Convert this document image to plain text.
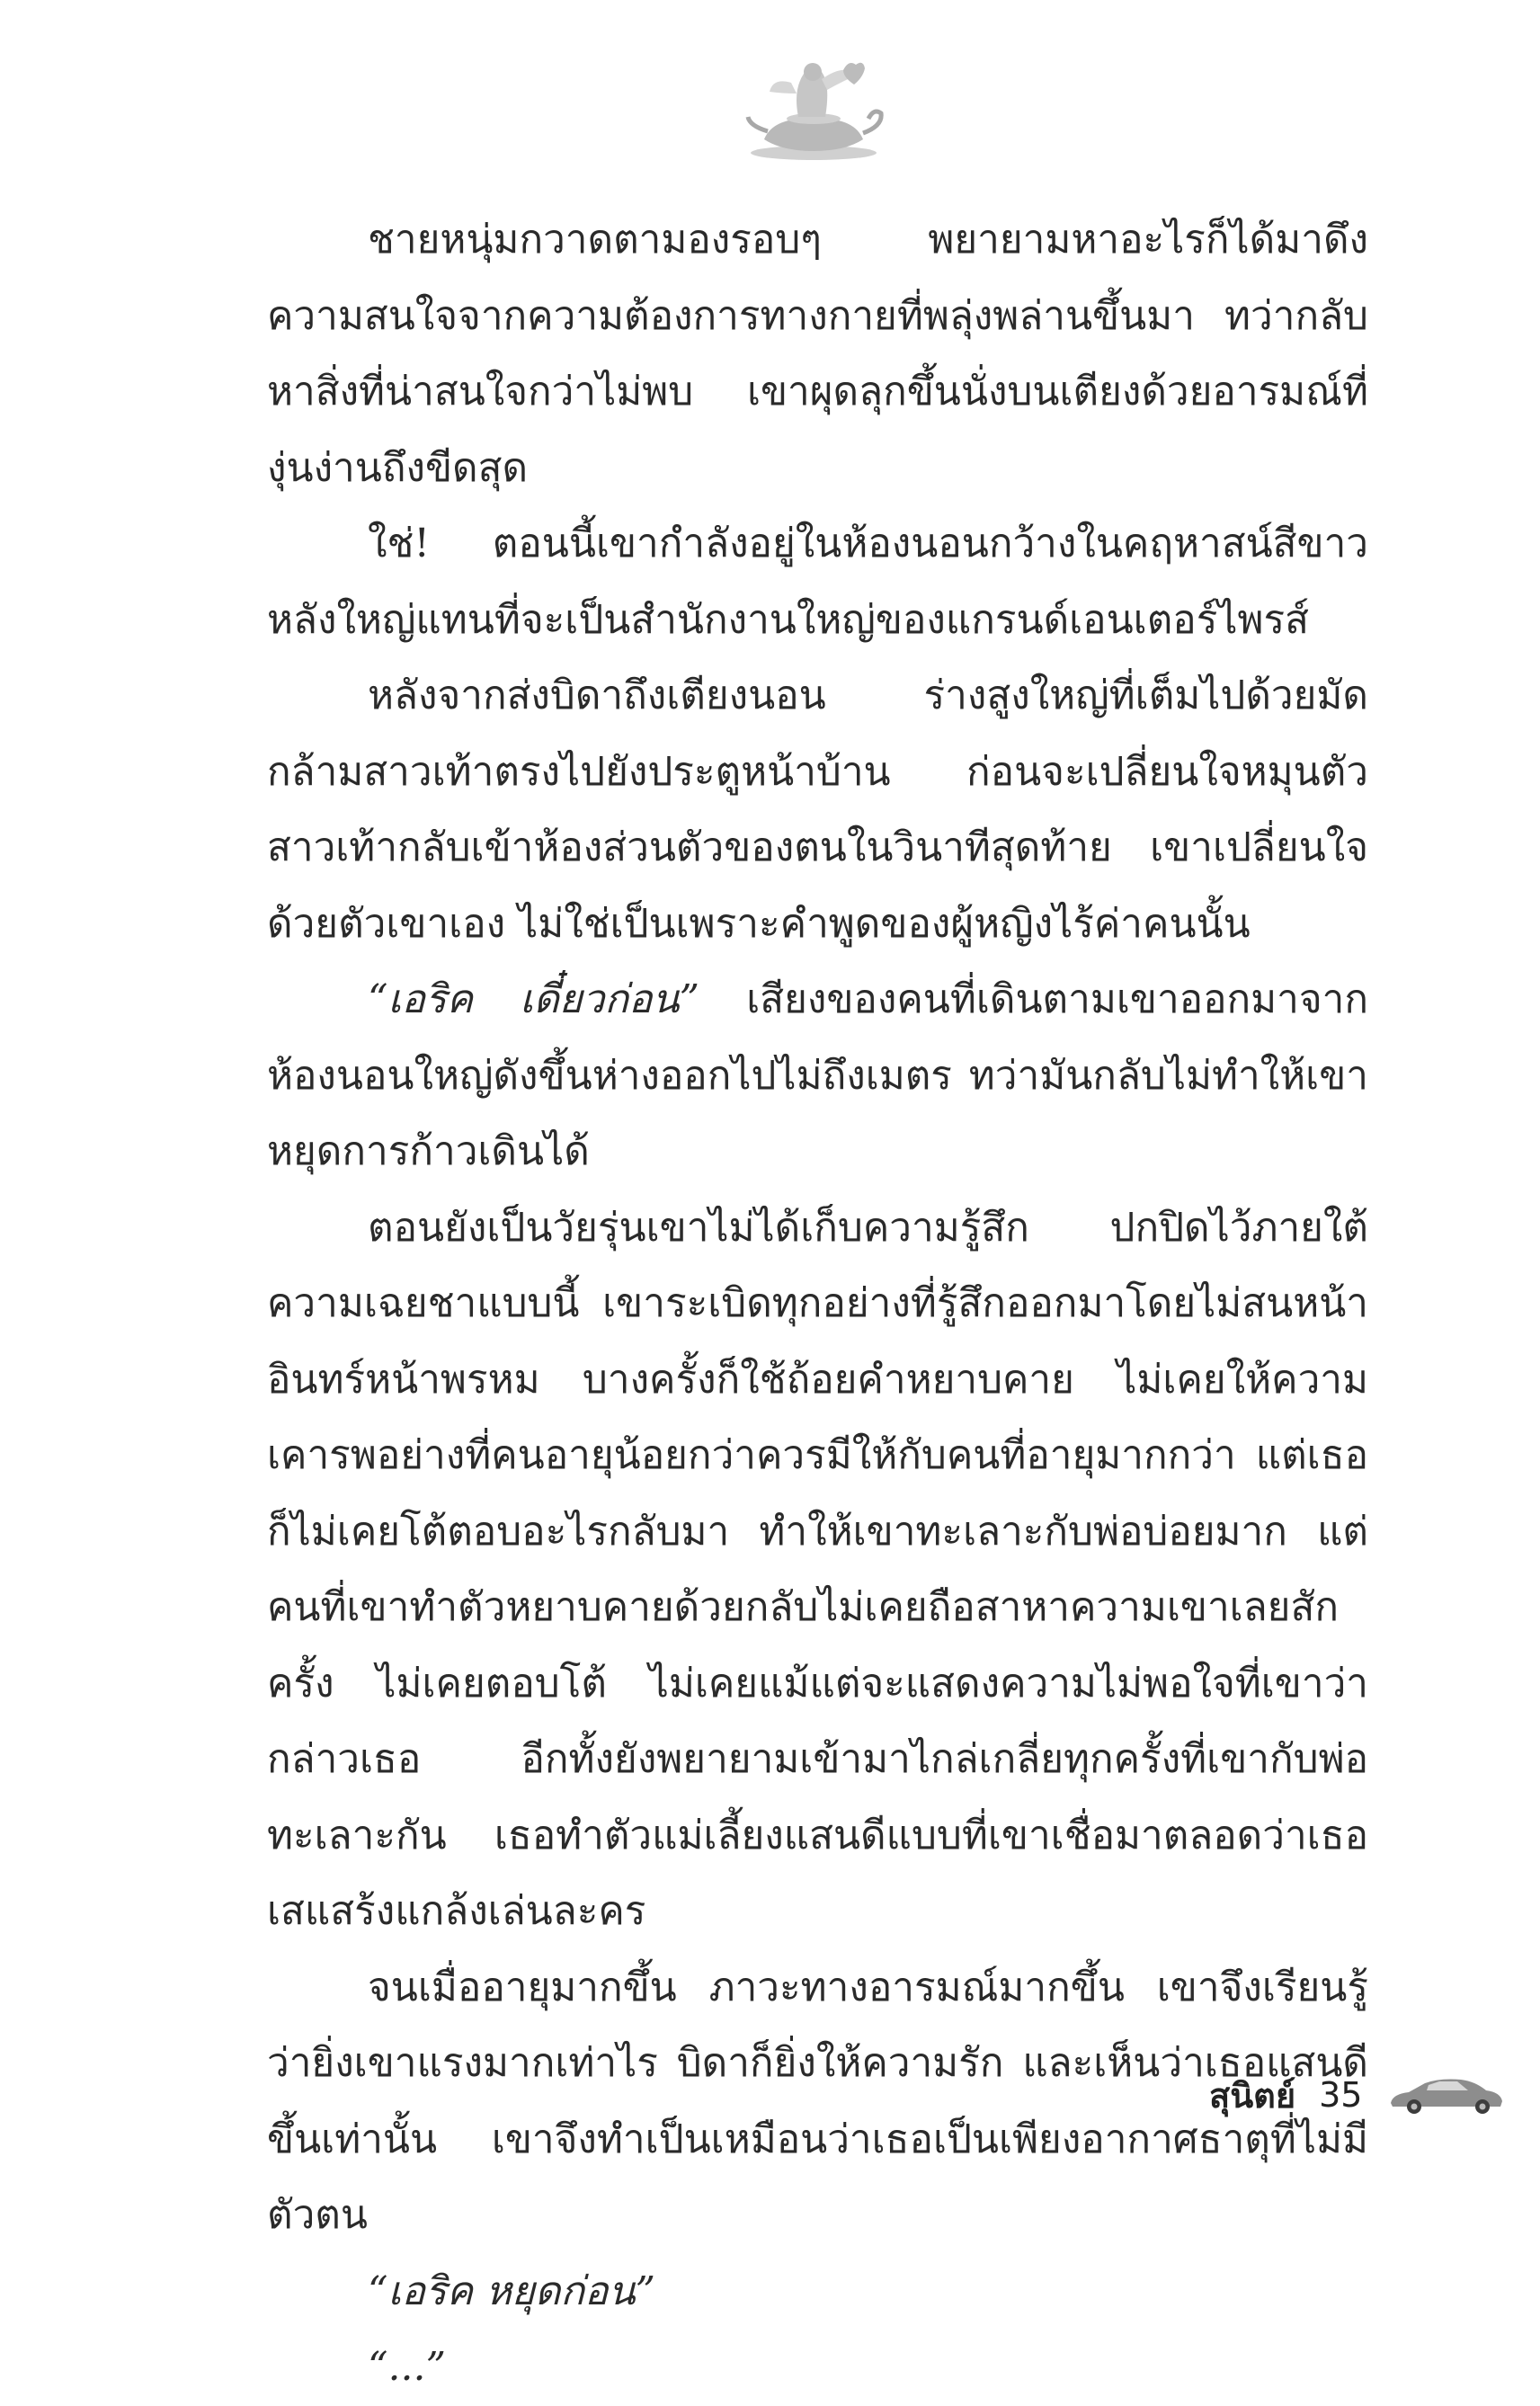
ชายหนุ่มกวาดตามองรอบๆ พยายามหาอะไรก็ได้มาดึงความสนใจจากความต้องการทางกายที่พลุ่งพล่านขึ้นมา ทว่ากลับหาสิ่งที่น่าสนใจกว่าไม่พบ เขาผุดลุกขึ้นนั่งบนเตียงด้วยอารมณ์ที่งุ่นง่านถึงขีดสุด

ใช่! ตอนนี้เขากำลังอยู่ในห้องนอนกว้างในคฤหาสน์สีขาวหลังใหญ่แทนที่จะเป็นสำนักงานใหญ่ของแกรนด์เอนเตอร์ไพรส์

หลังจากส่งบิดาถึงเตียงนอน ร่างสูงใหญ่ที่เต็มไปด้วยมัดกล้ามสาวเท้าตรงไปยังประตูหน้าบ้าน ก่อนจะเปลี่ยนใจหมุนตัวสาวเท้ากลับเข้าห้องส่วนตัวของตนในวินาทีสุดท้าย เขาเปลี่ยนใจด้วยตัวเขาเอง ไม่ใช่เป็นเพราะคำพูดของผู้หญิงไร้ค่าคนนั้น

“เอริค เดี๋ยวก่อน” เสียงของคนที่เดินตามเขาออกมาจากห้องนอนใหญ่ดังขึ้นห่างออกไปไม่ถึงเมตร ทว่ามันกลับไม่ทำให้เขาหยุดการก้าวเดินได้

ตอนยังเป็นวัยรุ่นเขาไม่ได้เก็บความรู้สึก ปกปิดไว้ภายใต้ความเฉยชาแบบนี้ เขาระเบิดทุกอย่างที่รู้สึกออกมาโดยไม่สนหน้าอินทร์หน้าพรหม บางครั้งก็ใช้ถ้อยคำหยาบคาย ไม่เคยให้ความเคารพอย่างที่คนอายุน้อยกว่าควรมีให้กับคนที่อายุมากกว่า แต่เธอก็ไม่เคยโต้ตอบอะไรกลับมา ทำให้เขาทะเลาะกับพ่อบ่อยมาก แต่คนที่เขาทำตัวหยาบคายด้วยกลับไม่เคยถือสาหาความเขาเลยสักครั้ง ไม่เคยตอบโต้ ไม่เคยแม้แต่จะแสดงความไม่พอใจที่เขาว่ากล่าวเธอ อีกทั้งยังพยายามเข้ามาไกล่เกลี่ยทุกครั้งที่เขากับพ่อทะเลาะกัน เธอทำตัวแม่เลี้ยงแสนดีแบบที่เขาเชื่อมาตลอดว่าเธอเสแสร้งแกล้งเล่นละคร

จนเมื่ออายุมากขึ้น ภาวะทางอารมณ์มากขึ้น เขาจึงเรียนรู้ว่ายิ่งเขาแรงมากเท่าไร บิดาก็ยิ่งให้ความรัก และเห็นว่าเธอแสนดีขึ้นเท่านั้น เขาจึงทำเป็นเหมือนว่าเธอเป็นเพียงอากาศธาตุที่ไม่มีตัวตน

“เอริค หยุดก่อน”

“...”

สุนิตย์ 35
